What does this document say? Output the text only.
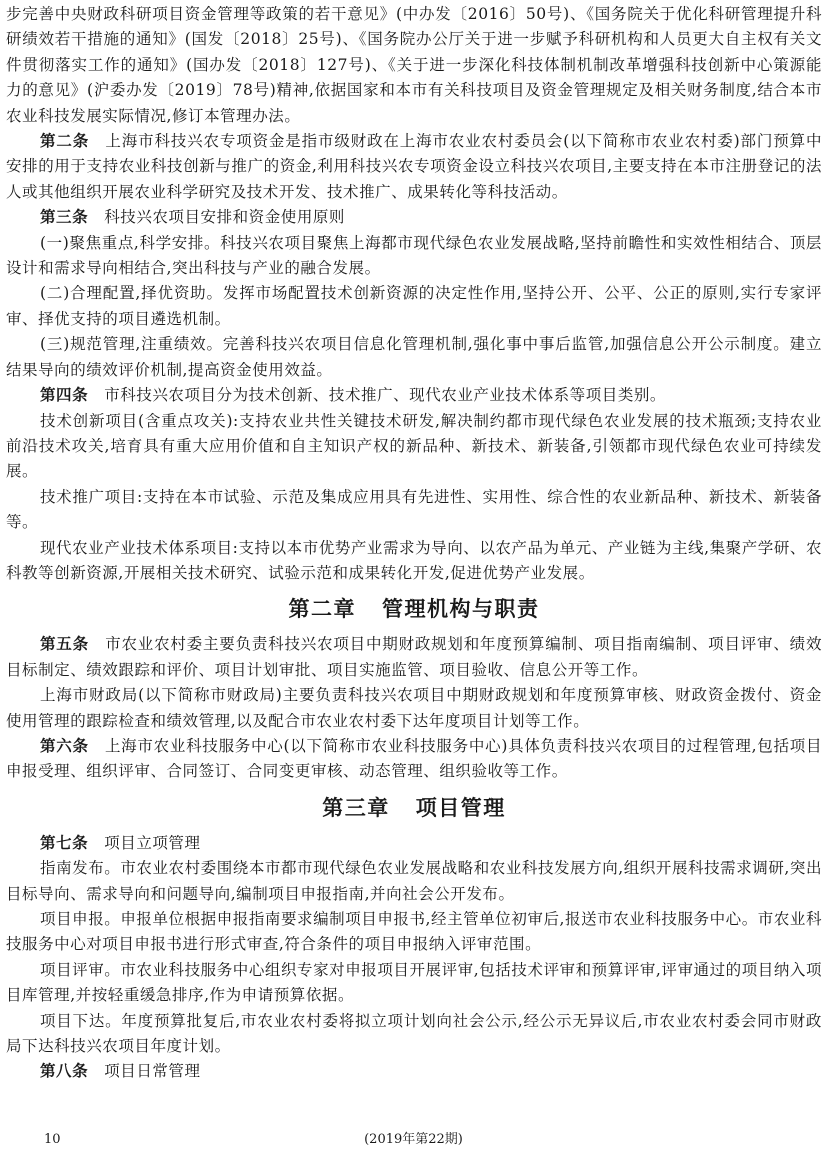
步完善中央财政科研项目资金管理等政策的若干意见》(中办发〔2016〕50号)、《国务院关于优化科研管理提升科研绩效若干措施的通知》(国发〔2018〕25号)、《国务院办公厅关于进一步赋予科研机构和人员更大自主权有关文件贯彻落实工作的通知》(国办发〔2018〕127号)、《关于进一步深化科技体制机制改革增强科技创新中心策源能力的意见》(沪委办发〔2019〕78号)精神,依据国家和本市有关科技项目及资金管理规定及相关财务制度,结合本市农业科技发展实际情况,修订本管理办法。

第二条  上海市科技兴农专项资金是指市级财政在上海市农业农村委员会(以下简称市农业农村委)部门预算中安排的用于支持农业科技创新与推广的资金,利用科技兴农专项资金设立科技兴农项目,主要支持在本市注册登记的法人或其他组织开展农业科学研究及技术开发、技术推广、成果转化等科技活动。

第三条  科技兴农项目安排和资金使用原则

(一)聚焦重点,科学安排。科技兴农项目聚焦上海都市现代绿色农业发展战略,坚持前瞻性和实效性相结合、顶层设计和需求导向相结合,突出科技与产业的融合发展。

(二)合理配置,择优资助。发挥市场配置技术创新资源的决定性作用,坚持公开、公平、公正的原则,实行专家评审、择优支持的项目遴选机制。

(三)规范管理,注重绩效。完善科技兴农项目信息化管理机制,强化事中事后监管,加强信息公开公示制度。建立结果导向的绩效评价机制,提高资金使用效益。

第四条  市科技兴农项目分为技术创新、技术推广、现代农业产业技术体系等项目类别。

技术创新项目(含重点攻关):支持农业共性关键技术研发,解决制约都市现代绿色农业发展的技术瓶颈;支持农业前沿技术攻关,培育具有重大应用价值和自主知识产权的新品种、新技术、新装备,引领都市现代绿色农业可持续发展。

技术推广项目:支持在本市试验、示范及集成应用具有先进性、实用性、综合性的农业新品种、新技术、新装备等。

现代农业产业技术体系项目:支持以本市优势产业需求为导向、以农产品为单元、产业链为主线,集聚产学研、农科教等创新资源,开展相关技术研究、试验示范和成果转化开发,促进优势产业发展。

第二章 管理机构与职责

第五条  市农业农村委主要负责科技兴农项目中期财政规划和年度预算编制、项目指南编制、项目评审、绩效目标制定、绩效跟踪和评价、项目计划审批、项目实施监管、项目验收、信息公开等工作。

上海市财政局(以下简称市财政局)主要负责科技兴农项目中期财政规划和年度预算审核、财政资金拨付、资金使用管理的跟踪检查和绩效管理,以及配合市农业农村委下达年度项目计划等工作。

第六条  上海市农业科技服务中心(以下简称市农业科技服务中心)具体负责科技兴农项目的过程管理,包括项目申报受理、组织评审、合同签订、合同变更审核、动态管理、组织验收等工作。

第三章 项目管理

第七条  项目立项管理

指南发布。市农业农村委围绕本市都市现代绿色农业发展战略和农业科技发展方向,组织开展科技需求调研,突出目标导向、需求导向和问题导向,编制项目申报指南,并向社会公开发布。

项目申报。申报单位根据申报指南要求编制项目申报书,经主管单位初审后,报送市农业科技服务中心。市农业科技服务中心对项目申报书进行形式审查,符合条件的项目申报纳入评审范围。

项目评审。市农业科技服务中心组织专家对申报项目开展评审,包括技术评审和预算评审,评审通过的项目纳入项目库管理,并按轻重缓急排序,作为申请预算依据。

项目下达。年度预算批复后,市农业农村委将拟立项计划向社会公示,经公示无异议后,市农业农村委会同市财政局下达科技兴农项目年度计划。

第八条  项目日常管理

10	(2019年第22期)
